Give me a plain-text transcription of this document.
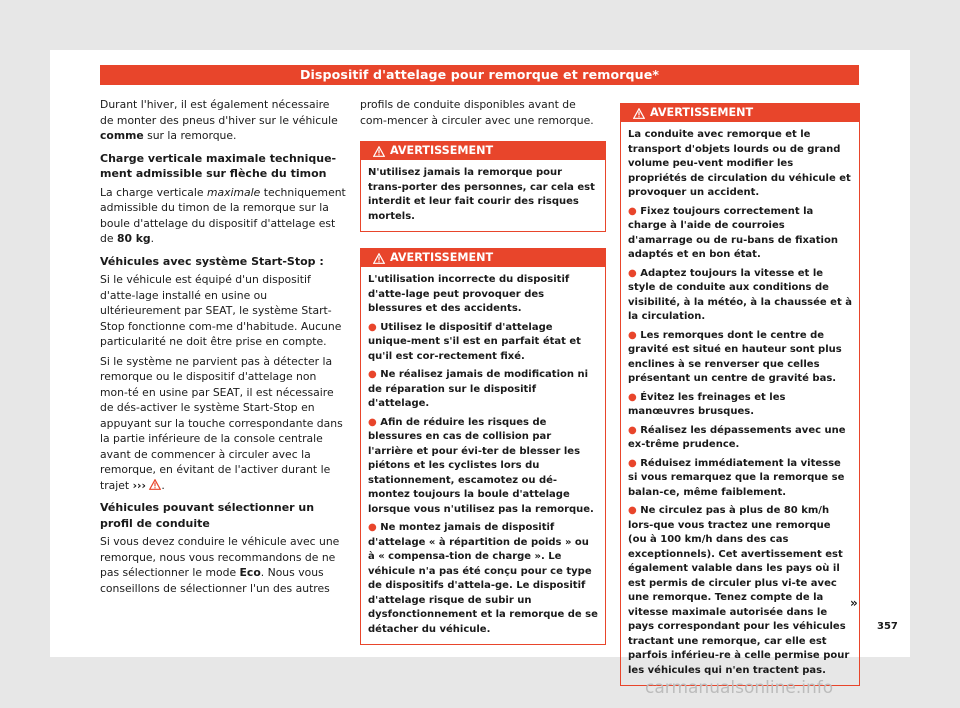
Dispositif d'attelage pour remorque et remorque*

Durant l'hiver, il est également nécessaire de monter des pneus d'hiver sur le véhicule comme sur la remorque.

Charge verticale maximale technique-ment admissible sur flèche du timon

La charge verticale maximale techniquement admissible du timon de la remorque sur la boule d'attelage du dispositif d'attelage est de 80 kg.

Véhicules avec système Start-Stop :

Si le véhicule est équipé d'un dispositif d'atte-lage installé en usine ou ultérieurement par SEAT, le système Start-Stop fonctionne com-me d'habitude. Aucune particularité ne doit être prise en compte.

Si le système ne parvient pas à détecter la remorque ou le dispositif d'attelage non mon-té en usine par SEAT, il est nécessaire de dés-activer le système Start-Stop en appuyant sur la touche correspondante dans la partie inférieure de la console centrale avant de commencer à circuler avec la remorque, en évitant de l'activer durant le trajet ››› .

Véhicules pouvant sélectionner un profil de conduite

Si vous devez conduire le véhicule avec une remorque, nous vous recommandons de ne pas sélectionner le mode Eco. Nous vous conseillons de sélectionner l'un des autres

profils de conduite disponibles avant de com-mencer à circuler avec une remorque.

AVERTISSEMENT

N'utilisez jamais la remorque pour trans-porter des personnes, car cela est interdit et leur fait courir des risques mortels.

AVERTISSEMENT

L'utilisation incorrecte du dispositif d'atte-lage peut provoquer des blessures et des accidents.

● Utilisez le dispositif d'attelage unique-ment s'il est en parfait état et qu'il est cor-rectement fixé.

● Ne réalisez jamais de modification ni de réparation sur le dispositif d'attelage.

● Afin de réduire les risques de blessures en cas de collision par l'arrière et pour évi-ter de blesser les piétons et les cyclistes lors du stationnement, escamotez ou dé-montez toujours la boule d'attelage lorsque vous n'utilisez pas la remorque.

● Ne montez jamais de dispositif d'attelage « à répartition de poids » ou à « compensa-tion de charge ». Le véhicule n'a pas été conçu pour ce type de dispositifs d'attela-ge. Le dispositif d'attelage risque de subir un dysfonctionnement et la remorque de se détacher du véhicule.

AVERTISSEMENT

La conduite avec remorque et le transport d'objets lourds ou de grand volume peu-vent modifier les propriétés de circulation du véhicule et provoquer un accident.

● Fixez toujours correctement la charge à l'aide de courroies d'amarrage ou de ru-bans de fixation adaptés et en bon état.

● Adaptez toujours la vitesse et le style de conduite aux conditions de visibilité, à la météo, à la chaussée et à la circulation.

● Les remorques dont le centre de gravité est situé en hauteur sont plus enclines à se renverser que celles présentant un centre de gravité bas.

● Évitez les freinages et les manœuvres brusques.

● Réalisez les dépassements avec une ex-trême prudence.

● Réduisez immédiatement la vitesse si vous remarquez que la remorque se balan-ce, même faiblement.

● Ne circulez pas à plus de 80 km/h lors-que vous tractez une remorque (ou à 100 km/h dans des cas exceptionnels). Cet avertissement est également valable dans les pays où il est permis de circuler plus vi-te avec une remorque. Tenez compte de la vitesse maximale autorisée dans le pays correspondant pour les véhicules tractant une remorque, car elle est parfois inférieu-re à celle permise pour les véhicules qui n'en tractent pas.

»
357
carmanualsonline.info
